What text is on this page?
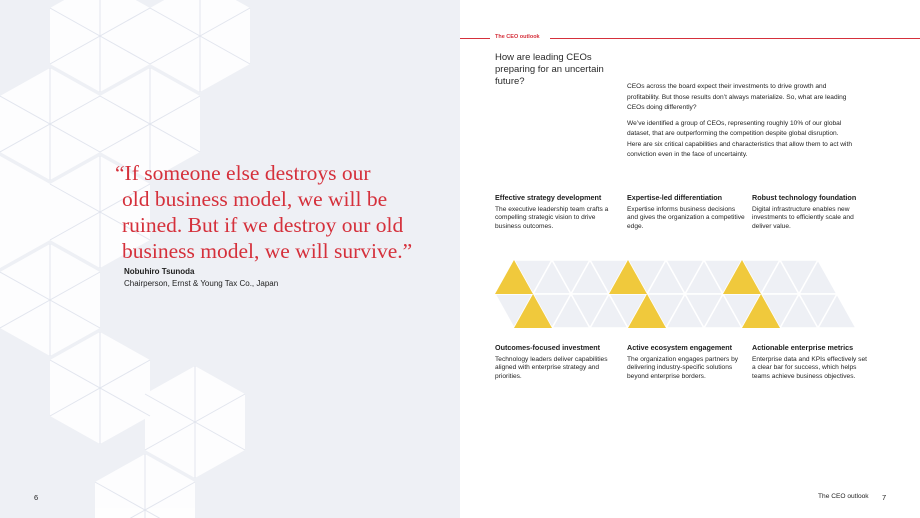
“If someone else destroys our
old business model, we will be
ruined. But if we destroy our old
business model, we will survive.”
Nobuhiro Tsunoda
Chairperson, Ernst & Young Tax Co., Japan
6
The CEO outlook
How are leading CEOs preparing for an uncertain future?	CEOs across the board expect their investments to drive growth and profitability. But those results don’t always materialize. So, what are leading CEOs doing differently?

We’ve identified a group of CEOs, representing roughly 10% of our global dataset, that are outperforming the competition despite global disruption. Here are six critical capabilities and characteristics that allow them to act with conviction even in the face of uncertainty.

Effective strategy development
The executive leadership team crafts a compelling strategic vision to drive business outcomes.
Expertise-led differentiation
Expertise informs business decisions and gives the organization a competitive edge.
Robust technology foundation
Digital infrastructure enables new investments to efficiently scale and deliver value.
Outcomes-focused investment
Technology leaders deliver capabilities aligned with enterprise strategy and priorities.
Active ecosystem engagement
The organization engages partners by delivering industry-specific solutions beyond enterprise borders.
Actionable enterprise metrics
Enterprise data and KPIs effectively set a clear bar for success, which helps teams achieve business objectives.
The CEO outlook 7
